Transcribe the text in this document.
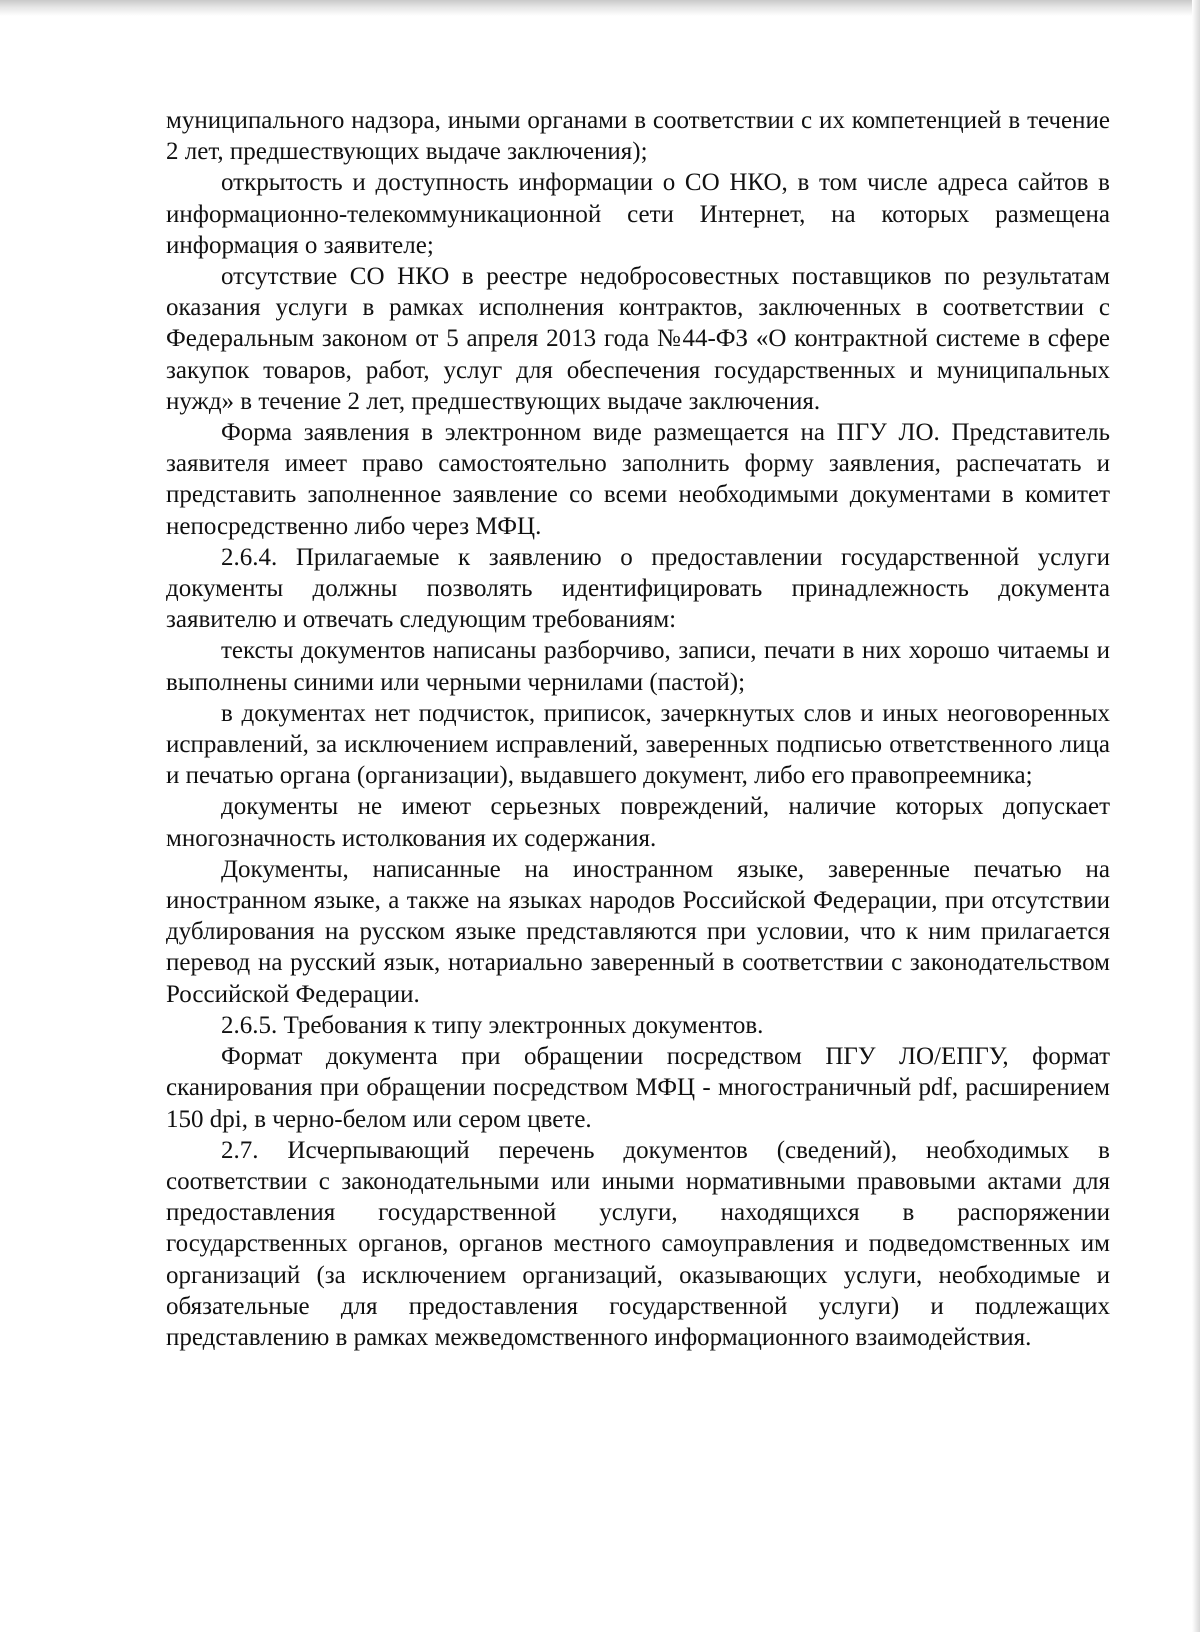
муниципального надзора, иными органами в соответствии с их компетенцией в течение 2 лет, предшествующих выдаче заключения);

открытость и доступность информации о СО НКО, в том числе адреса сайтов в информационно-телекоммуникационной сети Интернет, на которых размещена информация о заявителе;

отсутствие СО НКО в реестре недобросовестных поставщиков по результатам оказания услуги в рамках исполнения контрактов, заключенных в соответствии с Федеральным законом от 5 апреля 2013 года №44-ФЗ «О контрактной системе в сфере закупок товаров, работ, услуг для обеспечения государственных и муниципальных нужд» в течение 2 лет, предшествующих выдаче заключения.

Форма заявления в электронном виде размещается на ПГУ ЛО. Представитель заявителя имеет право самостоятельно заполнить форму заявления, распечатать и представить заполненное заявление со всеми необходимыми документами в комитет непосредственно либо через МФЦ.

2.6.4. Прилагаемые к заявлению о предоставлении государственной услуги документы должны позволять идентифицировать принадлежность документа заявителю и отвечать следующим требованиям:

тексты документов написаны разборчиво, записи, печати в них хорошо читаемы и выполнены синими или черными чернилами (пастой);

в документах нет подчисток, приписок, зачеркнутых слов и иных неоговоренных исправлений, за исключением исправлений, заверенных подписью ответственного лица и печатью органа (организации), выдавшего документ, либо его правопреемника;

документы не имеют серьезных повреждений, наличие которых допускает многозначность истолкования их содержания.

Документы, написанные на иностранном языке, заверенные печатью на иностранном языке, а также на языках народов Российской Федерации, при отсутствии дублирования на русском языке представляются при условии, что к ним прилагается перевод на русский язык, нотариально заверенный в соответствии с законодательством Российской Федерации.

2.6.5. Требования к типу электронных документов.

Формат документа при обращении посредством ПГУ ЛО/ЕПГУ, формат сканирования при обращении посредством МФЦ - многостраничный pdf, расширением 150 dpi, в черно-белом или сером цвете.

2.7. Исчерпывающий перечень документов (сведений), необходимых в соответствии с законодательными или иными нормативными правовыми актами для предоставления государственной услуги, находящихся в распоряжении государственных органов, органов местного самоуправления и подведомственных им организаций (за исключением организаций, оказывающих услуги, необходимые и обязательные для предоставления государственной услуги) и подлежащих представлению в рамках межведомственного информационного взаимодействия.
